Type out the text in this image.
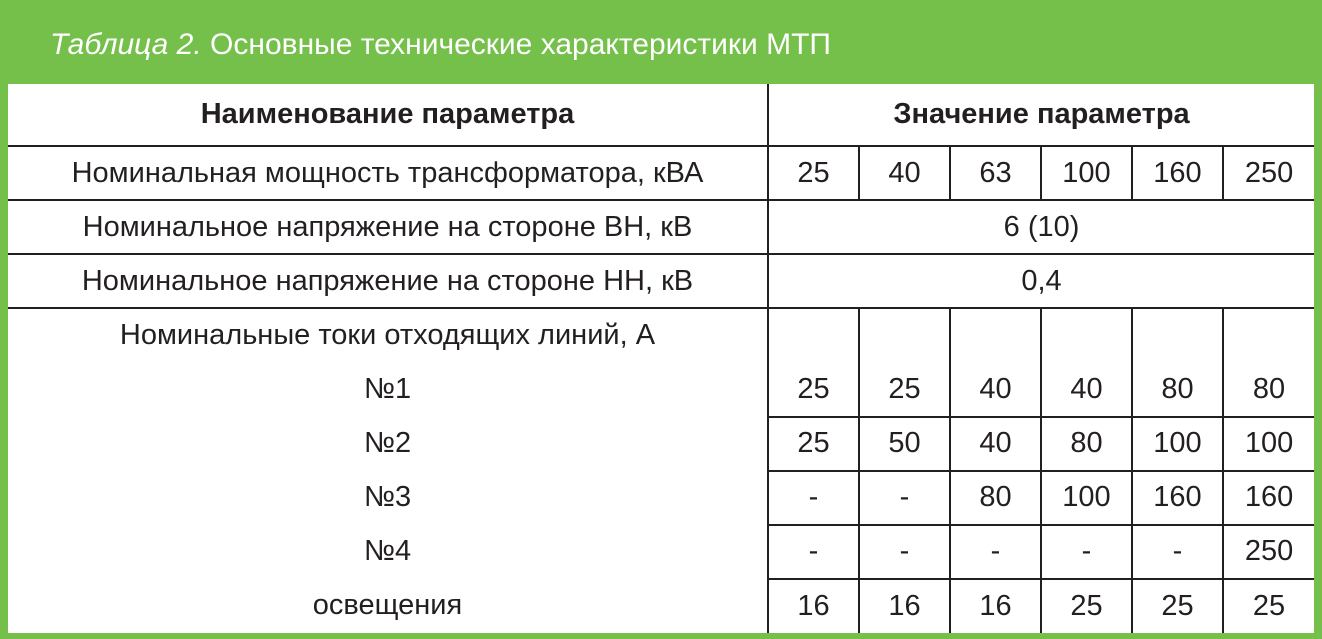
Таблица 2. Основные технические характеристики МТП
Наименование параметра	Значение параметра					
Номинальная мощность трансформатора, кВА	25	40	63	100	160	250
Номинальное напряжение на стороне ВН, кВ	6 (10)					
Номинальное напряжение на стороне НН, кВ	0,4					
Номинальные токи отходящих линий, А						
№1	25	25	40	40	80	80
№2	25	50	40	80	100	100
№3	-	-	80	100	160	160
№4	-	-	-	-	-	250
освещения	16	16	16	25	25	25
